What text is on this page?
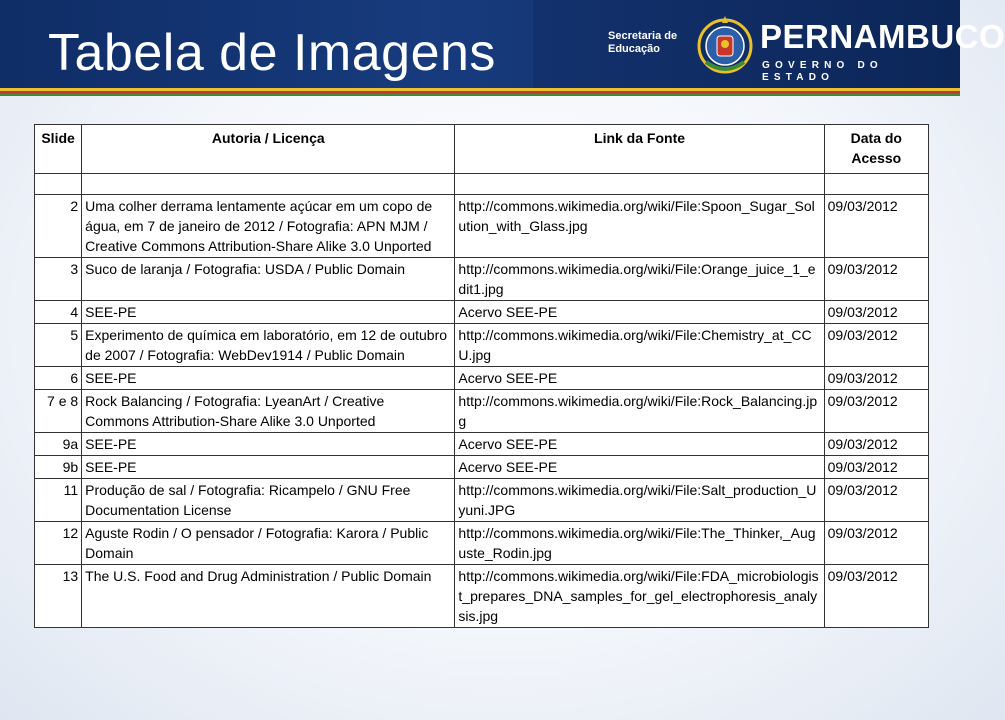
Tabela de Imagens	Secretaria de
Educação	PERNAMBUCO
GOVERNO DO ESTADO
Slide	Autoria / Licença	Link da Fonte	Data do Acesso

2	Uma colher derrama lentamente açúcar em um copo de água, em 7 de janeiro de 2012 / Fotografia: APN MJM / Creative Commons Attribution-Share Alike 3.0 Unported	http://commons.wikimedia.org/wiki/File:Spoon_Sugar_Solution_with_Glass.jpg	09/03/2012
3	Suco de laranja / Fotografia: USDA / Public Domain	http://commons.wikimedia.org/wiki/File:Orange_juice_1_edit1.jpg	09/03/2012
4	SEE-PE	Acervo SEE-PE	09/03/2012
5	Experimento de química em laboratório, em 12 de outubro de 2007 / Fotografia: WebDev1914 / Public Domain	http://commons.wikimedia.org/wiki/File:Chemistry_at_CCU.jpg	09/03/2012
6	SEE-PE	Acervo SEE-PE	09/03/2012
7 e 8	Rock Balancing / Fotografia: LyeanArt / Creative Commons Attribution-Share Alike 3.0 Unported	http://commons.wikimedia.org/wiki/File:Rock_Balancing.jpg	09/03/2012
9a	SEE-PE	Acervo SEE-PE	09/03/2012
9b	SEE-PE	Acervo SEE-PE	09/03/2012
11	Produção de sal / Fotografia: Ricampelo / GNU Free Documentation License	http://commons.wikimedia.org/wiki/File:Salt_production_Uyuni.JPG	09/03/2012
12	Aguste Rodin / O pensador / Fotografia: Karora / Public Domain	http://commons.wikimedia.org/wiki/File:The_Thinker,_Auguste_Rodin.jpg	09/03/2012
13	The U.S. Food and Drug Administration / Public Domain	http://commons.wikimedia.org/wiki/File:FDA_microbiologist_prepares_DNA_samples_for_gel_electrophoresis_analysis.jpg	09/03/2012
